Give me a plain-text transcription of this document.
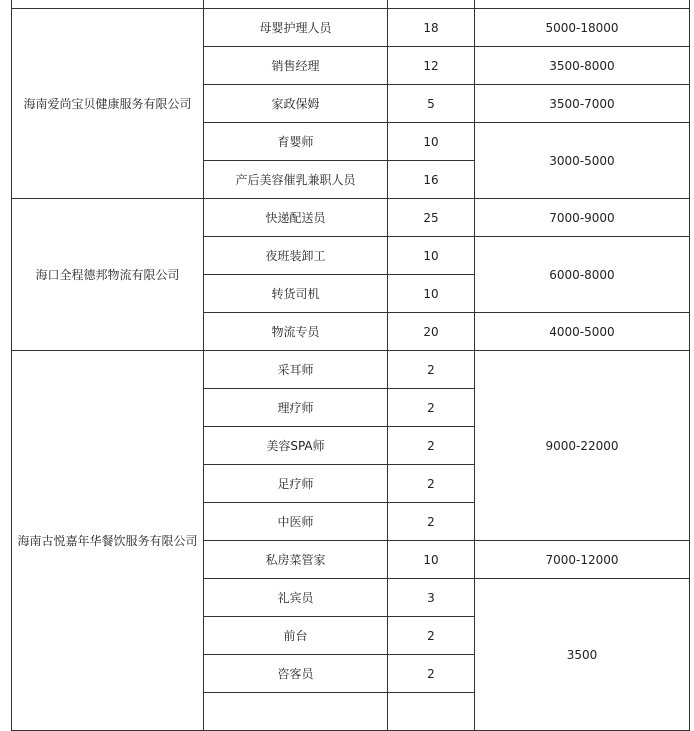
海南爱尚宝贝健康服务有限公司	母婴护理人员	18	5000-18000
	销售经理	12	3500-8000
	家政保姆	5	3500-7000
	育婴师	10	3000-5000
	产后美容催乳兼职人员	16	
海口全程德邦物流有限公司	快递配送员	25	7000-9000
	夜班装卸工	10	6000-8000
	转货司机	10	
	物流专员	20	4000-5000
海南古悦嘉年华餐饮服务有限公司	采耳师	2	9000-22000
	理疗师	2	
	美容SPA师	2	
	足疗师	2	
	中医师	2	
	私房菜管家	10	7000-12000
	礼宾员	3	3500
	前台	2	
	咨客员	2	
